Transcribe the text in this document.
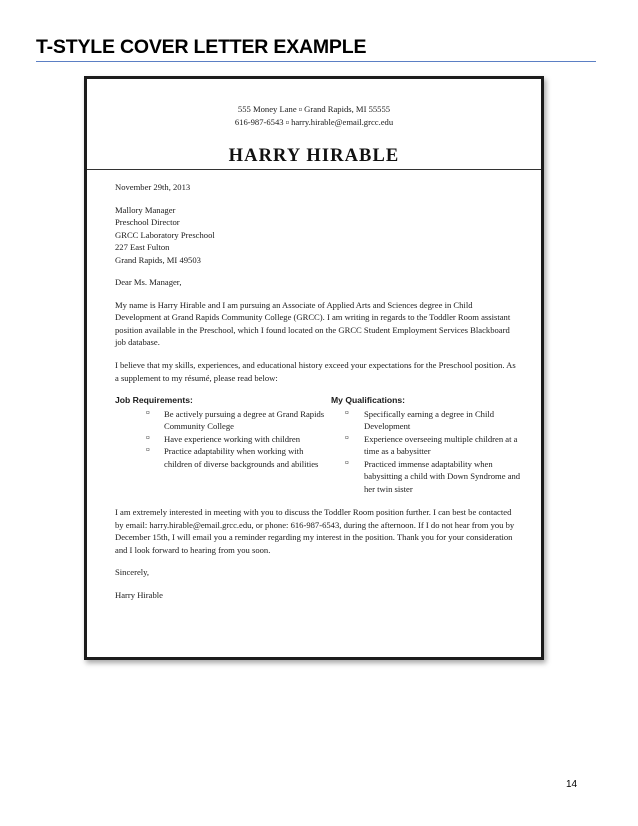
T-STYLE COVER LETTER EXAMPLE
555 Money Lane ¤ Grand Rapids, MI 55555
616-987-6543 ¤ harry.hirable@email.grcc.edu
HARRY HIRABLE

November 29th, 2013

Mallory Manager
Preschool Director
GRCC Laboratory Preschool
227 East Fulton
Grand Rapids, MI 49503

Dear Ms. Manager,

My name is Harry Hirable and I am pursuing an Associate of Applied Arts and Sciences degree in Child Development at Grand Rapids Community College (GRCC). I am writing in regards to the Toddler Room assistant position available in the Preschool, which I found located on the GRCC Student Employment Services Blackboard job database.

I believe that my skills, experiences, and educational history exceed your expectations for the Preschool position. As a supplement to my résumé, please read below:

Job Requirements:
¤ Be actively pursuing a degree at Grand Rapids Community College
¤ Have experience working with children
¤ Practice adaptability when working with children of diverse backgrounds and abilities
My Qualifications:
¤ Specifically earning a degree in Child Development
¤ Experience overseeing multiple children at a time as a babysitter
¤ Practiced immense adaptability when babysitting a child with Down Syndrome and her twin sister

I am extremely interested in meeting with you to discuss the Toddler Room position further. I can best be contacted by email: harry.hirable@email.grcc.edu, or phone: 616-987-6543, during the afternoon. If I do not hear from you by December 15th, I will email you a reminder regarding my interest in the position. Thank you for your consideration and I look forward to hearing from you soon.

Sincerely,

Harry Hirable

14
